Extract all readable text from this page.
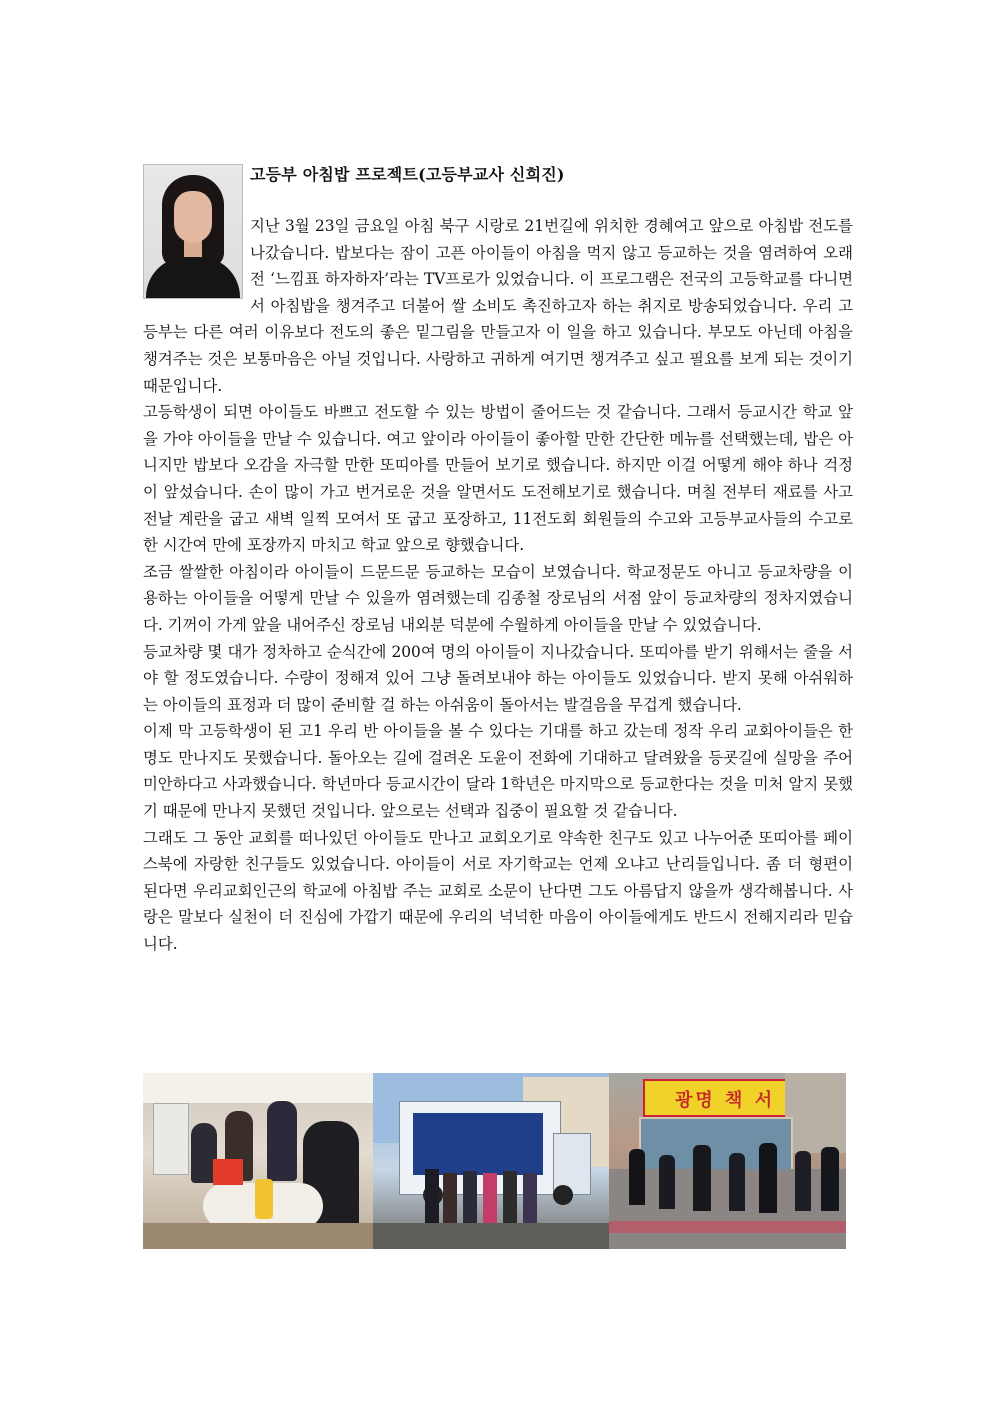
고등부 아침밥 프로젝트(고등부교사 신희진)

지난 3월 23일 금요일 아침 북구 시랑로 21번길에 위치한 경혜여고 앞으로 아침밥 전도를 나갔습니다. 밥보다는 잠이 고픈 아이들이 아침을 먹지 않고 등교하는 것을 염려하여 오래전 ‘느낌표 하자하자’라는 TV프로가 있었습니다. 이 프로그램은 전국의 고등학교를 다니면서 아침밥을 챙겨주고 더불어 쌀 소비도 촉진하고자 하는 취지로 방송되었습니다. 우리 고등부는 다른 여러 이유보다 전도의 좋은 밑그림을 만들고자 이 일을 하고 있습니다. 부모도 아닌데 아침을 챙겨주는 것은 보통마음은 아닐 것입니다. 사랑하고 귀하게 여기면 챙겨주고 싶고 필요를 보게 되는 것이기 때문입니다.

고등학생이 되면 아이들도 바쁘고 전도할 수 있는 방법이 줄어드는 것 같습니다. 그래서 등교시간 학교 앞을 가야 아이들을 만날 수 있습니다. 여고 앞이라 아이들이 좋아할 만한 간단한 메뉴를 선택했는데, 밥은 아니지만 밥보다 오감을 자극할 만한 또띠아를 만들어 보기로 했습니다. 하지만 이걸 어떻게 해야 하나 걱정이 앞섰습니다. 손이 많이 가고 번거로운 것을 알면서도 도전해보기로 했습니다. 며칠 전부터 재료를 사고 전날 계란을 굽고 새벽 일찍 모여서 또 굽고 포장하고, 11전도회 회원들의 수고와 고등부교사들의 수고로 한 시간여 만에 포장까지 마치고 학교 앞으로 향했습니다.

조금 쌀쌀한 아침이라 아이들이 드문드문 등교하는 모습이 보였습니다. 학교정문도 아니고 등교차량을 이용하는 아이들을 어떻게 만날 수 있을까 염려했는데 김종철 장로님의 서점 앞이 등교차량의 정차지였습니다. 기꺼이 가게 앞을 내어주신 장로님 내외분 덕분에 수월하게 아이들을 만날 수 있었습니다.

등교차량 몇 대가 정차하고 순식간에 200여 명의 아이들이 지나갔습니다. 또띠아를 받기 위해서는 줄을 서야 할 정도였습니다. 수량이 정해져 있어 그냥 돌려보내야 하는 아이들도 있었습니다. 받지 못해 아쉬워하는 아이들의 표정과 더 많이 준비할 걸 하는 아쉬움이 돌아서는 발걸음을 무겁게 했습니다.

이제 막 고등학생이 된 고1 우리 반 아이들을 볼 수 있다는 기대를 하고 갔는데 정작 우리 교회아이들은 한명도 만나지도 못했습니다. 돌아오는 길에 걸려온 도윤이 전화에 기대하고 달려왔을 등굣길에 실망을 주어 미안하다고 사과했습니다. 학년마다 등교시간이 달라 1학년은 마지막으로 등교한다는 것을 미처 알지 못했기 때문에 만나지 못했던 것입니다. 앞으로는 선택과 집중이 필요할 것 같습니다.

그래도 그 동안 교회를 떠나있던 아이들도 만나고 교회오기로 약속한 친구도 있고 나누어준 또띠아를 페이스북에 자랑한 친구들도 있었습니다. 아이들이 서로 자기학교는 언제 오냐고 난리들입니다. 좀 더 형편이 된다면 우리교회인근의 학교에 아침밥 주는 교회로 소문이 난다면 그도 아름답지 않을까 생각해봅니다. 사랑은 말보다 실천이 더 진심에 가깝기 때문에 우리의 넉넉한 마음이 아이들에게도 반드시 전해지리라 믿습니다.

광명 책 서
